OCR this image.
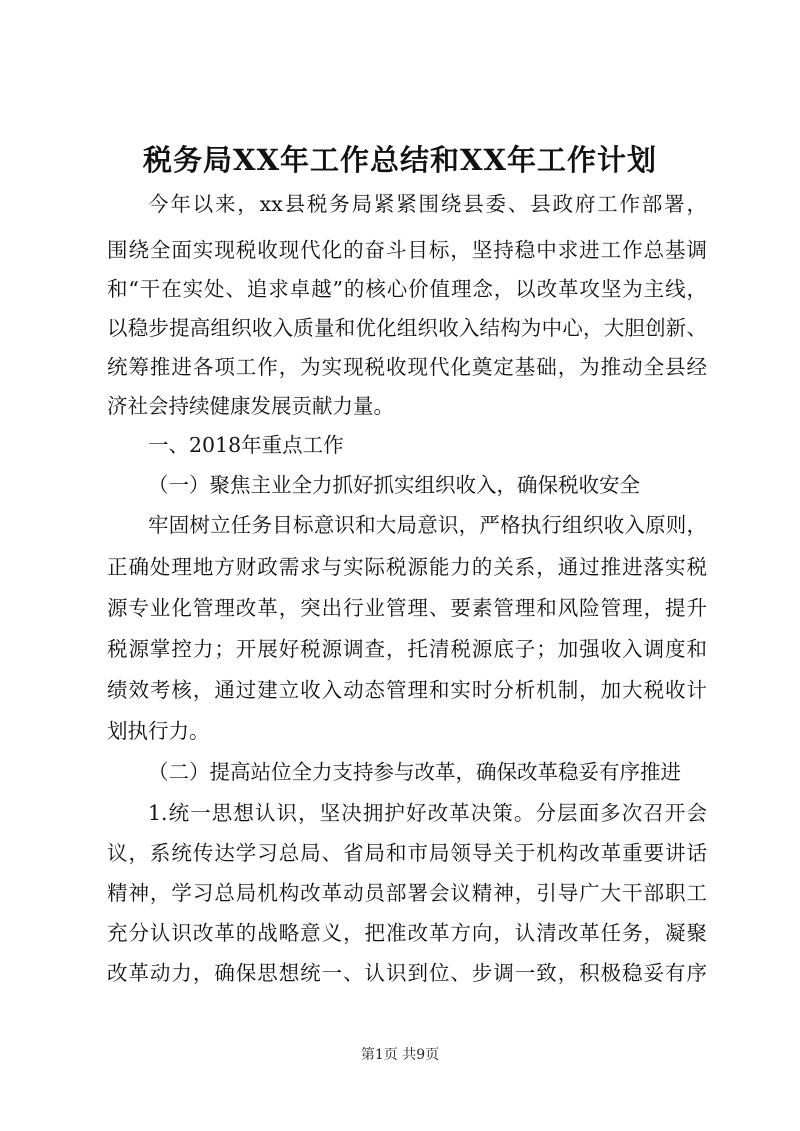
税务局XX年工作总结和XX年工作计划
今年以来，xx县税务局紧紧围绕县委、县政府工作部署，
围绕全面实现税收现代化的奋斗目标，坚持稳中求进工作总基调
和“干在实处、追求卓越”的核心价值理念，以改革攻坚为主线，
以稳步提高组织收入质量和优化组织收入结构为中心，大胆创新、
统筹推进各项工作，为实现税收现代化奠定基础，为推动全县经
济社会持续健康发展贡献力量。
一、2018年重点工作
（一）聚焦主业全力抓好抓实组织收入，确保税收安全
牢固树立任务目标意识和大局意识，严格执行组织收入原则，
正确处理地方财政需求与实际税源能力的关系，通过推进落实税
源专业化管理改革，突出行业管理、要素管理和风险管理，提升
税源掌控力；开展好税源调查，托清税源底子；加强收入调度和
绩效考核，通过建立收入动态管理和实时分析机制，加大税收计
划执行力。
（二）提高站位全力支持参与改革，确保改革稳妥有序推进
1.统一思想认识，坚决拥护好改革决策。分层面多次召开会
议，系统传达学习总局、省局和市局领导关于机构改革重要讲话
精神，学习总局机构改革动员部署会议精神，引导广大干部职工
充分认识改革的战略意义，把准改革方向，认清改革任务，凝聚
改革动力，确保思想统一、认识到位、步调一致，积极稳妥有序
第1页 共9页
